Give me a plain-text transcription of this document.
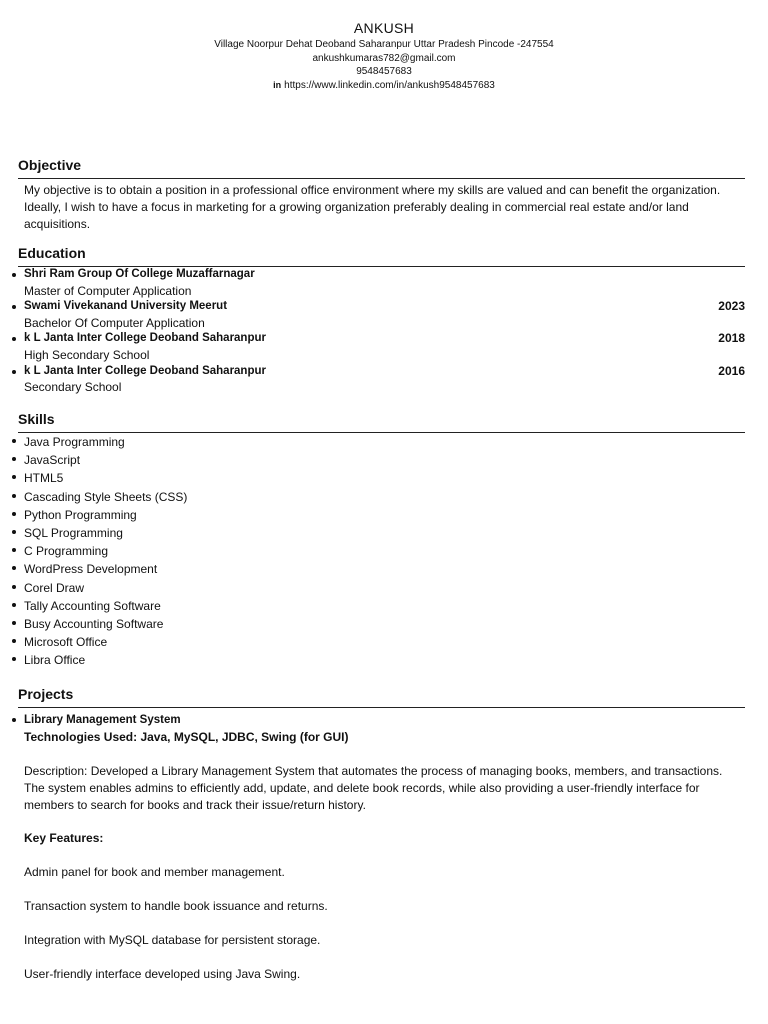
ANKUSH
Village Noorpur Dehat Deoband Saharanpur Uttar Pradesh Pincode -247554
ankushkumaras782@gmail.com
9548457683
in https://www.linkedin.com/in/ankush9548457683
Objective
My objective is to obtain a position in a professional office environment where my skills are valued and can benefit the organization. Ideally, I wish to have a focus in marketing for a growing organization preferably dealing in commercial real estate and/or land acquisitions.
Education
Shri Ram Group Of College Muzaffarnagar
Master of Computer Application
Swami Vivekanand University Meerut
Bachelor Of Computer Application
2023
k L Janta Inter College Deoband Saharanpur
High Secondary School
2018
k L Janta Inter College Deoband Saharanpur
Secondary School
2016
Skills
Java Programming
JavaScript
HTML5
Cascading Style Sheets (CSS)
Python Programming
SQL Programming
C Programming
WordPress Development
Corel Draw
Tally Accounting Software
Busy Accounting Software
Microsoft Office
Libra Office
Projects
Library Management System
Technologies Used: Java, MySQL, JDBC, Swing (for GUI)
Description: Developed a Library Management System that automates the process of managing books, members, and transactions. The system enables admins to efficiently add, update, and delete book records, while also providing a user-friendly interface for members to search for books and track their issue/return history.
Key Features:
Admin panel for book and member management.
Transaction system to handle book issuance and returns.
Integration with MySQL database for persistent storage.
User-friendly interface developed using Java Swing.
